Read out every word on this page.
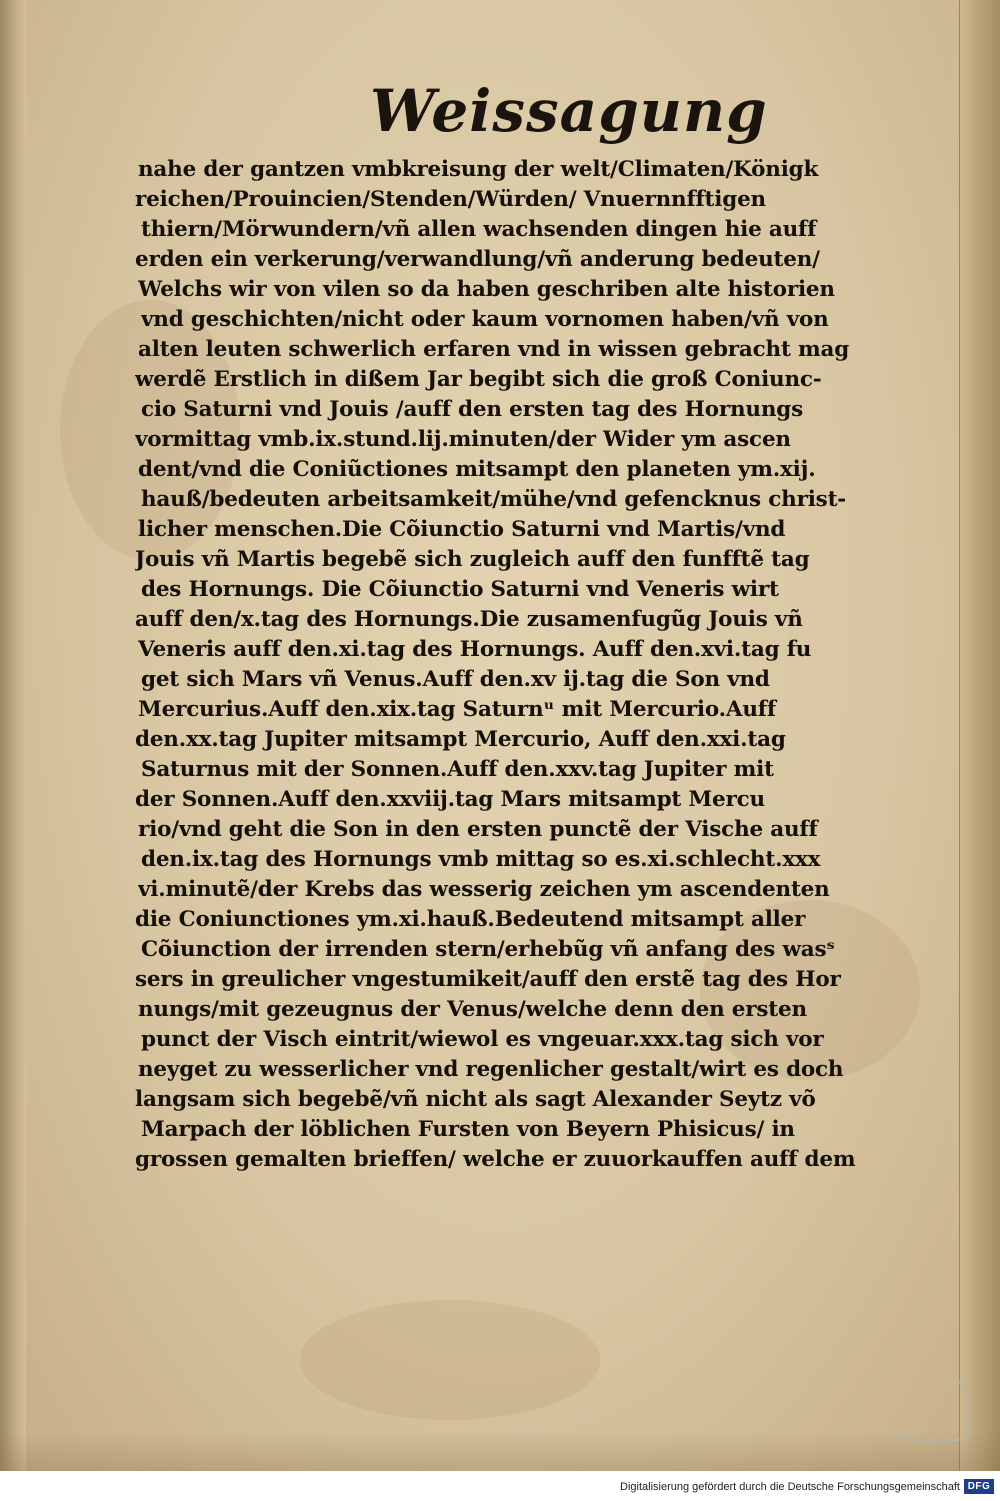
Weissagung
nahe der gantzen vmbkreisung der welt/Climaten/Königk
reichen/Prouincien/Stenden/Würden/ Vnuernnfftigen
thiern/Mörwundern/vñ allen wachsenden dingen hie auff
erden ein verkerung/verwandlung/vñ anderung bedeuten/
Welchs wir von vilen so da haben geschriben alte historien
vnd geschichten/nicht oder kaum vornomen haben/vñ von
alten leuten schwerlich erfaren vnd in wissen gebracht mag
werdẽ Erstlich in dißem Jar begibt sich die groß Coniunc-
cio Saturni vnd Jouis /auff den ersten tag des Hornungs
vormittag vmb.ix.stund.lij.minuten/der Wider ym ascen
dent/vnd die Coniũctiones mitsampt den planeten ym.xij.
hauß/bedeuten arbeitsamkeit/mühe/vnd gefencknus christ-
licher menschen.Die Cõiunctio Saturni vnd Martis/vnd
Jouis vñ Martis begebẽ sich zugleich auff den funfftẽ tag
des Hornungs. Die Cõiunctio Saturni vnd Veneris wirt
auff den/x.tag des Hornungs.Die zusamenfugũg Jouis vñ
Veneris auff den.xi.tag des Hornungs. Auff den.xvi.tag fu
get sich Mars vñ Venus.Auff den.xv ij.tag die Son vnd
Mercurius.Auff den.xix.tag Saturnᵘ mit Mercurio.Auff
den.xx.tag Jupiter mitsampt Mercurio, Auff den.xxi.tag
Saturnus mit der Sonnen.Auff den.xxv.tag Jupiter mit
der Sonnen.Auff den.xxviij.tag Mars mitsampt Mercu
rio/vnd geht die Son in den ersten punctẽ der Vische auff
den.ix.tag des Hornungs vmb mittag so es.xi.schlecht.xxx
vi.minutẽ/der Krebs das wesserig zeichen ym ascendenten
die Coniunctiones ym.xi.hauß.Bedeutend mitsampt aller
Cõiunction der irrenden stern/erhebũg vñ anfang des wasˢ
sers in greulicher vngestumikeit/auff den erstẽ tag des Hor
nungs/mit gezeugnus der Venus/welche denn den ersten
punct der Visch eintrit/wiewol es vngeuar.xxx.tag sich vor
neyget zu wesserlicher vnd regenlicher gestalt/wirt es doch
langsam sich begebẽ/vñ nicht als sagt Alexander Seytz võ
Marpach der löblichen Fursten von Beyern Phisicus/ in
grossen gemalten brieffen/ welche er zuuorkauffen auff dem
Digitalisierung gefördert durch die Deutsche Forschungsgemeinschaft DFG
